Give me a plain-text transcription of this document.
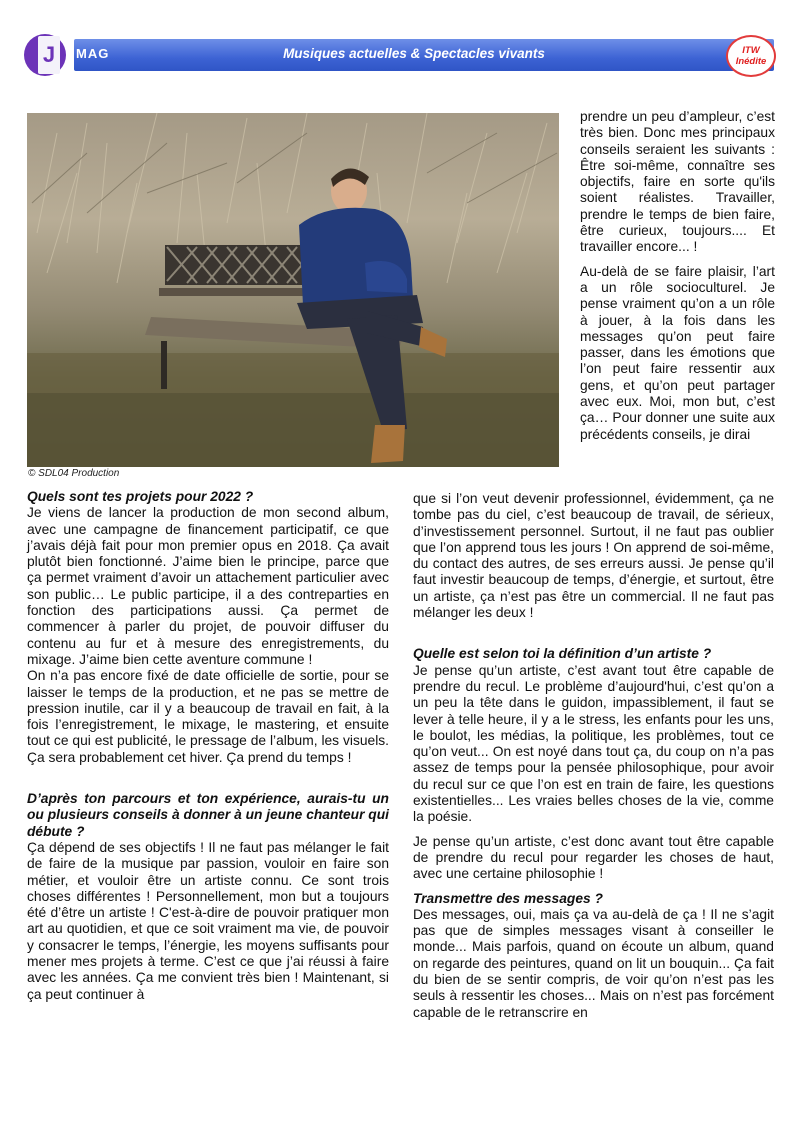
J	MAG	Musiques actuelles & Spectacles vivants	ITW
Inédite
© SDL04 Production

prendre un peu d’ampleur, c’est très bien. Donc mes principaux conseils seraient les suivants : Être soi-même, connaître ses objectifs, faire en sorte qu'ils soient réalistes. Travailler, prendre le temps de bien faire, être curieux, toujours.... Et travailler encore... !

Au-delà de se faire plaisir, l’art a un rôle socioculturel. Je pense vraiment qu’on a un rôle à jouer, à la fois dans les messages qu’on peut faire passer, dans les émotions que l’on peut faire ressentir aux gens, et qu’on peut partager avec eux. Moi, mon but, c’est ça… Pour donner une suite aux précédents conseils, je dirai

Quels sont tes projets pour 2022 ?

Je viens de lancer la production de mon second album, avec une campagne de financement participatif, ce que j’avais déjà fait pour mon premier opus en 2018. Ça avait plutôt bien fonctionné. J’aime bien le principe, parce que ça permet vraiment d’avoir un attachement particulier avec son public… Le public participe, il a des contreparties en fonction des participations aussi. Ça permet de commencer à parler du projet, de pouvoir diffuser du contenu au fur et à mesure des enregistrements, du mixage. J’aime bien cette aventure commune !

On n’a pas encore fixé de date officielle de sortie, pour se laisser le temps de la production, et ne pas se mettre de pression inutile, car il y a beaucoup de travail en fait, à la fois l’enregistrement, le mixage, le mastering, et ensuite tout ce qui est publicité, le pressage de l’album, les visuels. Ça sera probablement cet hiver. Ça prend du temps !

D’après ton parcours et ton expérience, aurais-tu un ou plusieurs conseils à donner à un jeune chanteur qui débute ?

Ça dépend de ses objectifs ! Il ne faut pas mélanger le fait de faire de la musique par passion, vouloir en faire son métier, et vouloir être un artiste connu. Ce sont trois choses différentes ! Personnellement, mon but a toujours été d’être un artiste ! C'est-à-dire de pouvoir pratiquer mon art au quotidien, et que ce soit vraiment ma vie, de pouvoir y consacrer le temps, l’énergie, les moyens suffisants pour mener mes projets à terme. C’est ce que j’ai réussi à faire avec les années. Ça me convient très bien ! Maintenant, si ça peut continuer à

que si l’on veut devenir professionnel, évidemment, ça ne tombe pas du ciel, c’est beaucoup de travail, de sérieux, d’investissement personnel. Surtout, il ne faut pas oublier que l’on apprend tous les jours ! On apprend de soi-même, du contact des autres, de ses erreurs aussi. Je pense qu’il faut investir beaucoup de temps, d’énergie, et surtout, être un artiste, ça n’est pas être un commercial. Il ne faut pas mélanger les deux !

Quelle est selon toi la définition d’un artiste ?

Je pense qu’un artiste, c’est avant tout être capable de prendre du recul. Le problème d’aujourd'hui, c’est qu’on a un peu la tête dans le guidon, impassiblement, il faut se lever à telle heure, il y a le stress, les enfants pour les uns, le boulot, les médias, la politique, les problèmes, tout ce qu’on veut... On est noyé dans tout ça, du coup on n’a pas assez de temps pour la pensée philosophique, pour avoir du recul sur ce que l’on est en train de faire, les questions existentielles... Les vraies belles choses de la vie, comme la poésie.

Je pense qu’un artiste, c’est donc avant tout être capable de prendre du recul pour regarder les choses de haut, avec une certaine philosophie !

Transmettre des messages ?

Des messages, oui, mais ça va au-delà de ça ! Il ne s’agit pas que de simples messages visant à conseiller le monde... Mais parfois, quand on écoute un album, quand on regarde des peintures, quand on lit un bouquin... Ça fait du bien de se sentir compris, de voir qu’on n’est pas les seuls à ressentir les choses... Mais on n’est pas forcément capable de le retranscrire en
